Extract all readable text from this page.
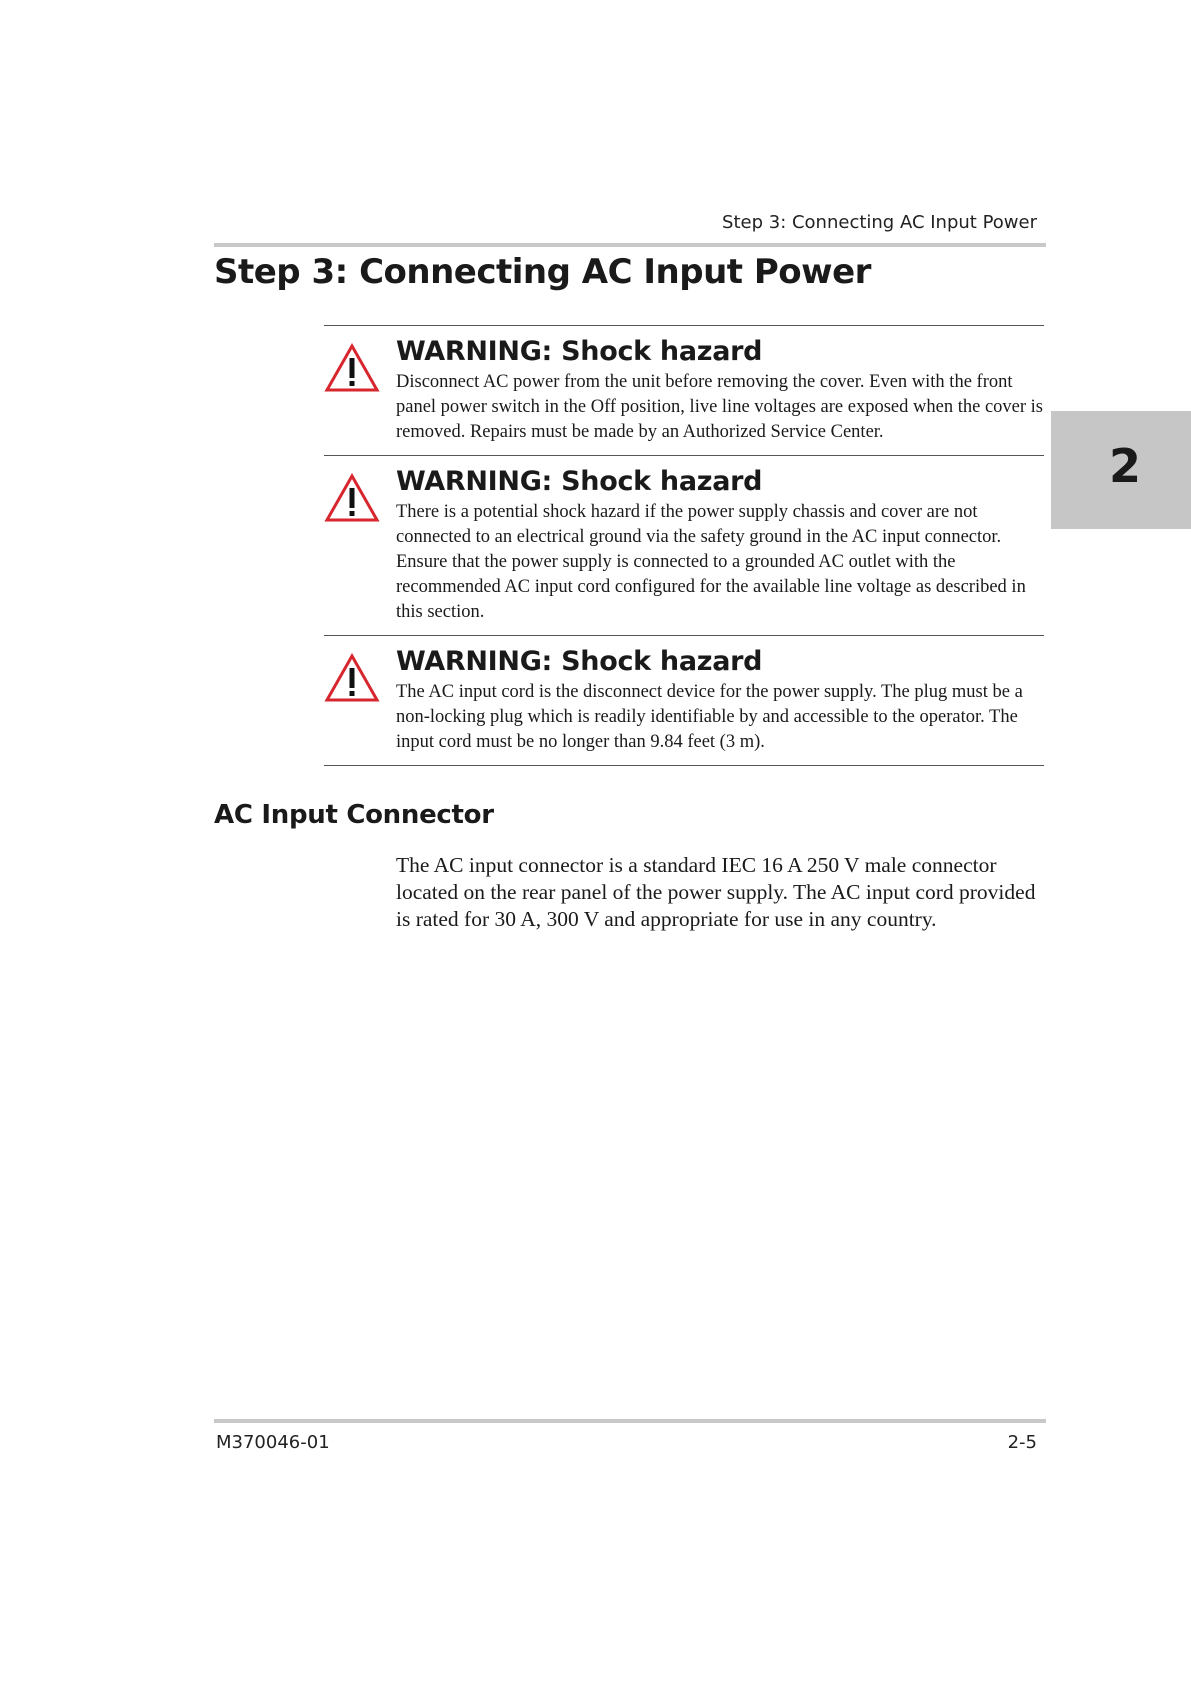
Step 3: Connecting AC Input Power
Step 3: Connecting AC Input Power
WARNING: Shock hazard

Disconnect AC power from the unit before removing the cover. Even with the front panel power switch in the Off position, live line voltages are exposed when the cover is removed. Repairs must be made by an Authorized Service Center.

WARNING: Shock hazard

There is a potential shock hazard if the power supply chassis and cover are not connected to an electrical ground via the safety ground in the AC input connector. Ensure that the power supply is connected to a grounded AC outlet with the recommended AC input cord configured for the available line voltage as described in this section.

WARNING: Shock hazard

The AC input cord is the disconnect device for the power supply. The plug must be a non-locking plug which is readily identifiable by and accessible to the operator. The input cord must be no longer than 9.84 feet (3 m).

AC Input Connector

The AC input connector is a standard IEC 16 A 250 V male connector located on the rear panel of the power supply. The AC input cord provided is rated for 30 A, 300 V and appropriate for use in any country.

2
M370046-01	2-5
